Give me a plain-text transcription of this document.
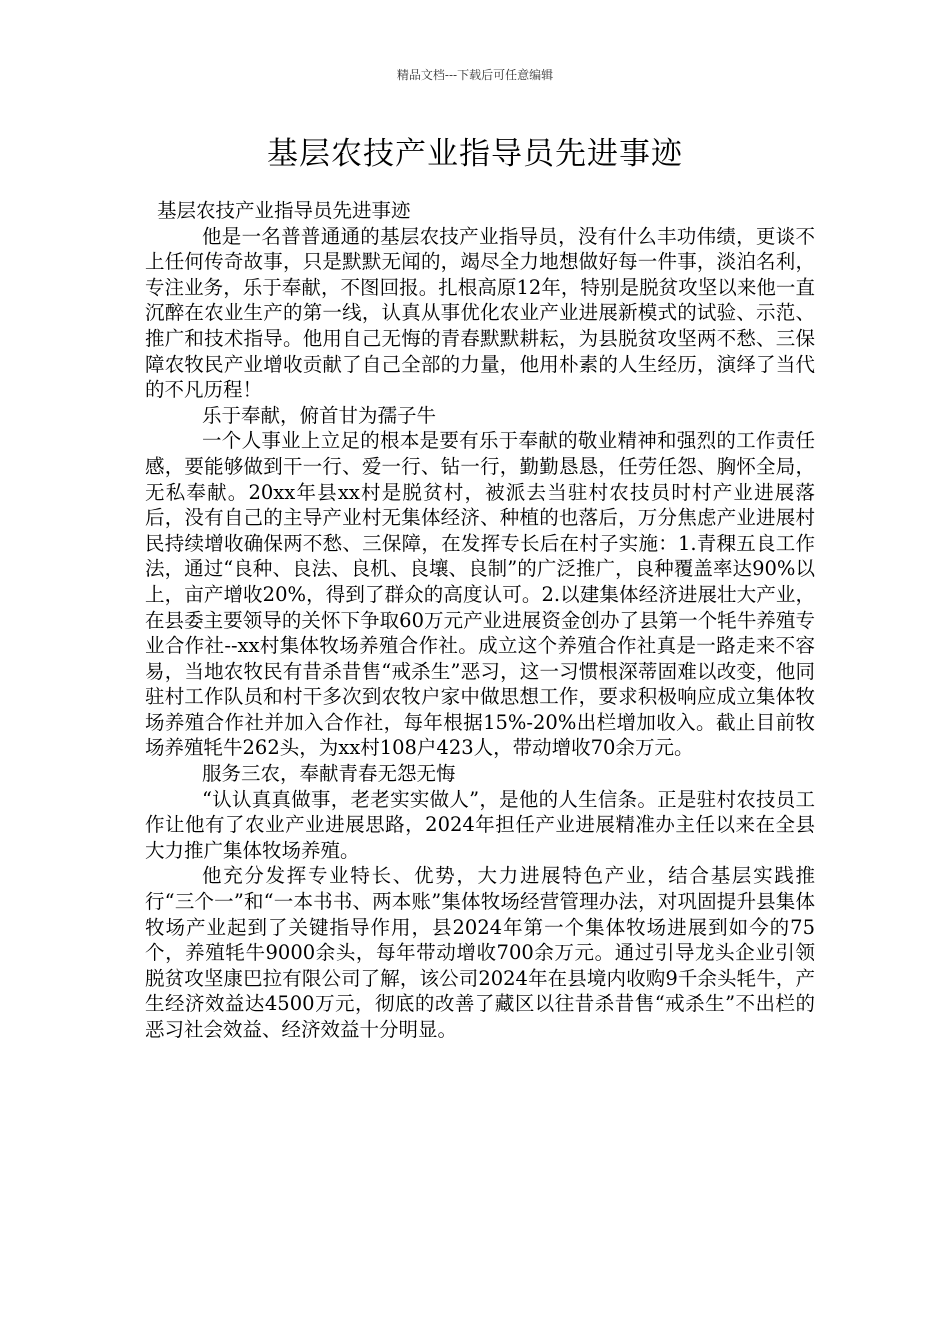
精品文档---下载后可任意编辑
基层农技产业指导员先进事迹

基层农技产业指导员先进事迹

他是一名普普通通的基层农技产业指导员，没有什么丰功伟绩，更谈不上任何传奇故事，只是默默无闻的，竭尽全力地想做好每一件事，淡泊名利，专注业务，乐于奉献，不图回报。扎根高原12年，特别是脱贫攻坚以来他一直沉醉在农业生产的第一线，认真从事优化农业产业进展新模式的试验、示范、推广和技术指导。他用自己无悔的青春默默耕耘，为县脱贫攻坚两不愁、三保障农牧民产业增收贡献了自己全部的力量，他用朴素的人生经历，演绎了当代的不凡历程！

乐于奉献，俯首甘为孺子牛

一个人事业上立足的根本是要有乐于奉献的敬业精神和强烈的工作责任感，要能够做到干一行、爱一行、钻一行，勤勤恳恳，任劳任怨、胸怀全局，无私奉献。20xx年县xx村是脱贫村，被派去当驻村农技员时村产业进展落后，没有自己的主导产业村无集体经济、种植的也落后，万分焦虑产业进展村民持续增收确保两不愁、三保障，在发挥专长后在村子实施：1.青稞五良工作法，通过“良种、良法、良机、良壤、良制”的广泛推广，良种覆盖率达90%以上，亩产增收20%，得到了群众的高度认可。2.以建集体经济进展壮大产业，在县委主要领导的关怀下争取60万元产业进展资金创办了县第一个牦牛养殖专业合作社--xx村集体牧场养殖合作社。成立这个养殖合作社真是一路走来不容易，当地农牧民有昔杀昔售“戒杀生”恶习，这一习惯根深蒂固难以改变，他同驻村工作队员和村干多次到农牧户家中做思想工作，要求积极响应成立集体牧场养殖合作社并加入合作社，每年根据15%-20%出栏增加收入。截止目前牧场养殖牦牛262头，为xx村108户423人，带动增收70余万元。

服务三农，奉献青春无怨无悔

“认认真真做事，老老实实做人”，是他的人生信条。正是驻村农技员工作让他有了农业产业进展思路，2024年担任产业进展精准办主任以来在全县大力推广集体牧场养殖。

他充分发挥专业特长、优势，大力进展特色产业，结合基层实践推行“三个一”和“一本书书、两本账”集体牧场经营管理办法，对巩固提升县集体牧场产业起到了关键指导作用，县2024年第一个集体牧场进展到如今的75个，养殖牦牛9000余头，每年带动增收700余万元。通过引导龙头企业引领脱贫攻坚康巴拉有限公司了解，该公司2024年在县境内收购9千余头牦牛，产生经济效益达4500万元，彻底的改善了藏区以往昔杀昔售“戒杀生”不出栏的恶习社会效益、经济效益十分明显。
